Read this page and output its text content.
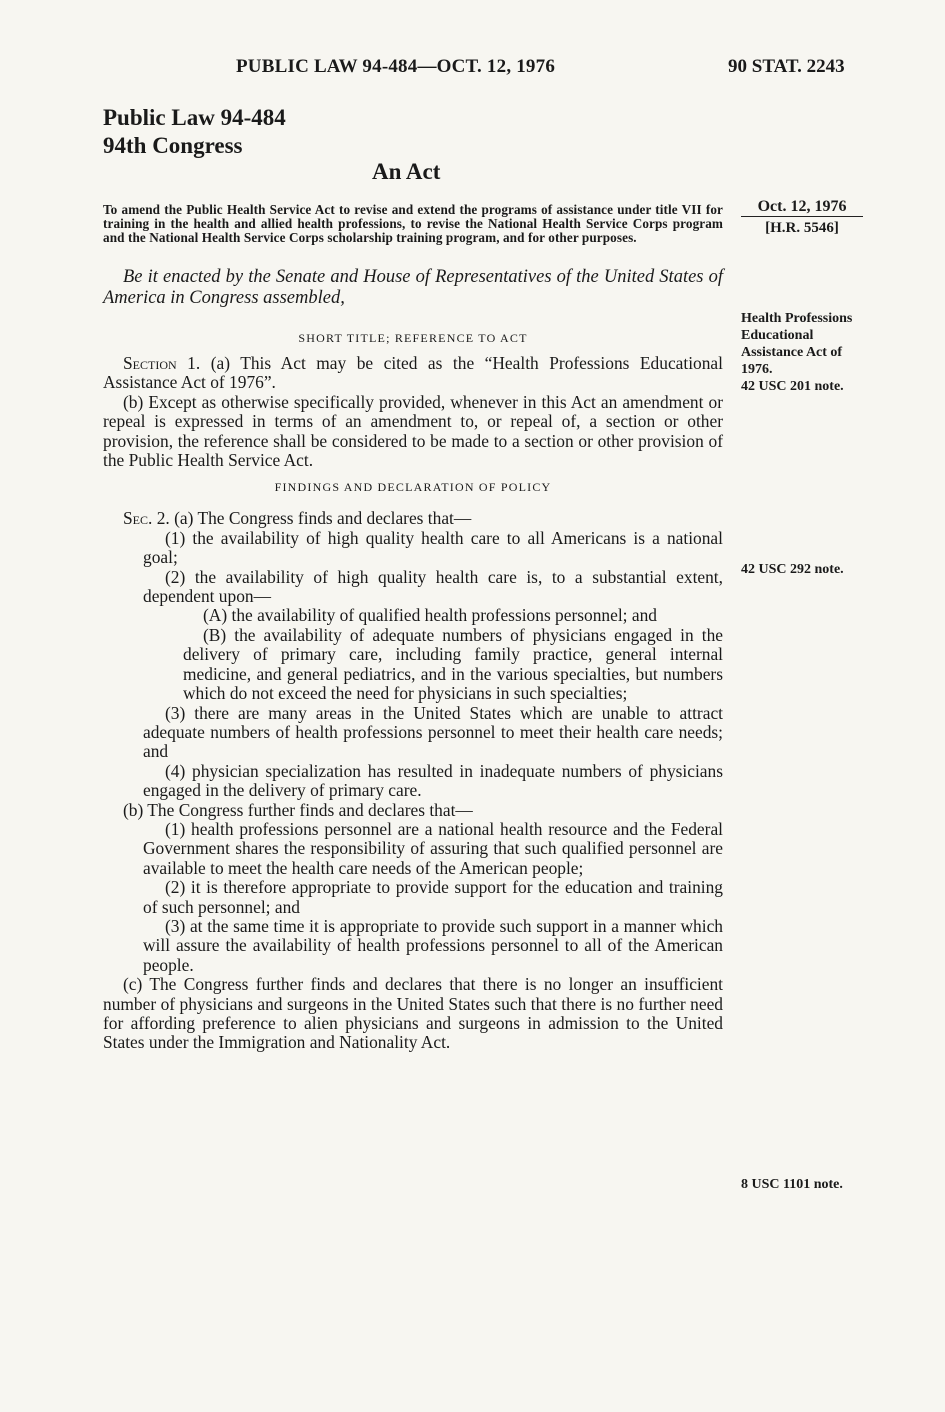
PUBLIC LAW 94-484—OCT. 12, 1976	90 STAT. 2243
Public Law 94-484
94th Congress
An Act

To amend the Public Health Service Act to revise and extend the programs of assistance under title VII for training in the health and allied health professions, to revise the National Health Service Corps program and the National Health Service Corps scholarship training program, and for other purposes.

Be it enacted by the Senate and House of Representatives of the United States of America in Congress assembled,

SHORT TITLE; REFERENCE TO ACT

Section 1. (a) This Act may be cited as the “Health Professions Educational Assistance Act of 1976”.

(b) Except as otherwise specifically provided, whenever in this Act an amendment or repeal is expressed in terms of an amendment to, or repeal of, a section or other provision, the reference shall be considered to be made to a section or other provision of the Public Health Service Act.

FINDINGS AND DECLARATION OF POLICY

Sec. 2. (a) The Congress finds and declares that—

(1) the availability of high quality health care to all Americans is a national goal;

(2) the availability of high quality health care is, to a substantial extent, dependent upon—

(A) the availability of qualified health professions personnel; and

(B) the availability of adequate numbers of physicians engaged in the delivery of primary care, including family practice, general internal medicine, and general pediatrics, and in the various specialties, but numbers which do not exceed the need for physicians in such specialties;

(3) there are many areas in the United States which are unable to attract adequate numbers of health professions personnel to meet their health care needs; and

(4) physician specialization has resulted in inadequate numbers of physicians engaged in the delivery of primary care.

(b) The Congress further finds and declares that—

(1) health professions personnel are a national health resource and the Federal Government shares the responsibility of assuring that such qualified personnel are available to meet the health care needs of the American people;

(2) it is therefore appropriate to provide support for the education and training of such personnel; and

(3) at the same time it is appropriate to provide such support in a manner which will assure the availability of health professions personnel to all of the American people.

(c) The Congress further finds and declares that there is no longer an insufficient number of physicians and surgeons in the United States such that there is no further need for affording preference to alien physicians and surgeons in admission to the United States under the Immigration and Nationality Act.

Oct. 12, 1976
[H.R. 5546]
Health Professions Educational Assistance Act of 1976.
42 USC 201 note.
42 USC 292 note.
8 USC 1101 note.
